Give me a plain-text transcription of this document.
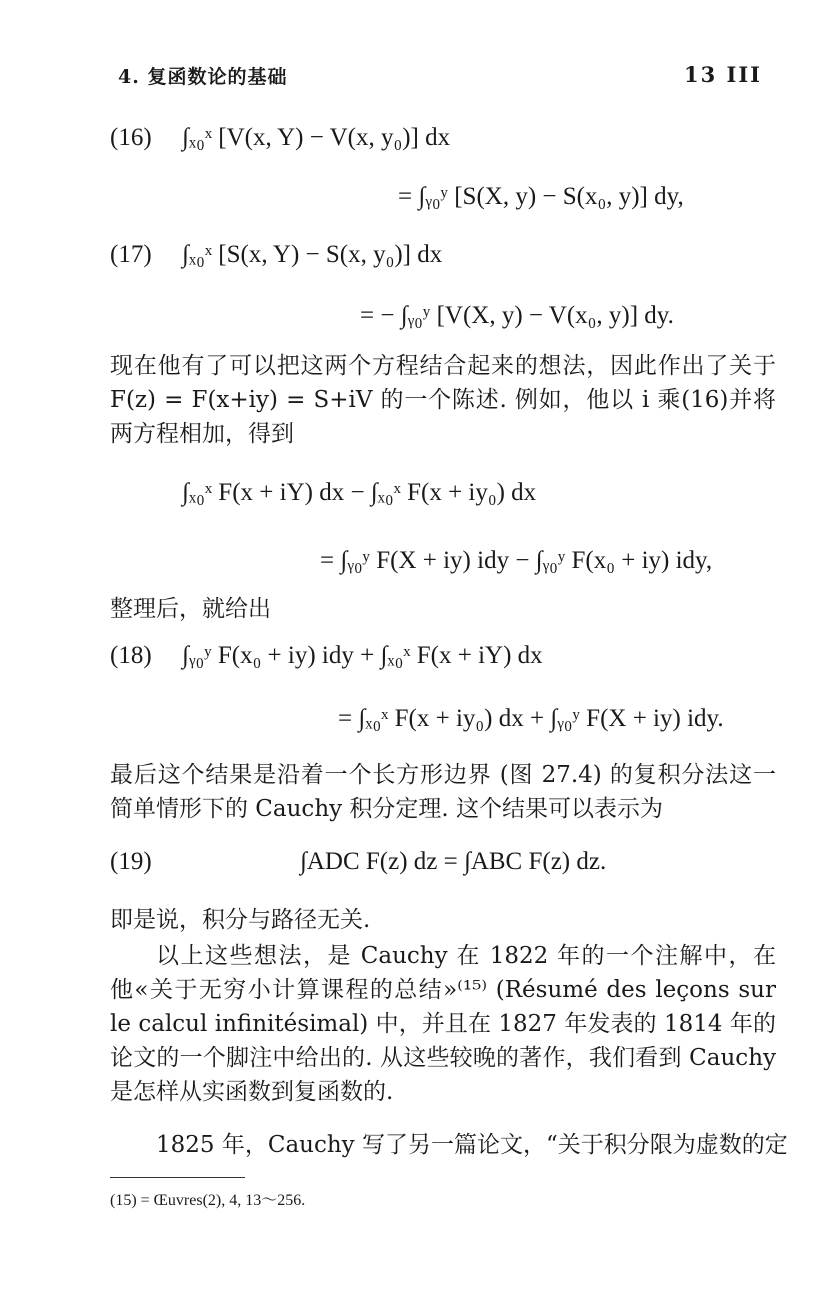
4. 复函数论的基础	13 III
(16) ∫ₓ₀ˣ [V(x, Y) − V(x, y₀)] dx
= ∫ᵧ₀ʸ [S(X, y) − S(x₀, y)] dy,
(17) ∫ₓ₀ˣ [S(x, Y) − S(x, y₀)] dx
= − ∫ᵧ₀ʸ [V(X, y) − V(x₀, y)] dy.
现在他有了可以把这两个方程结合起来的想法，因此作出了关于 F(z) = F(x+iy) = S+iV 的一个陈述. 例如，他以 i 乘(16)并将两方程相加，得到
∫ₓ₀ˣ F(x + iY) dx − ∫ₓ₀ˣ F(x + iy₀) dx
= ∫ᵧ₀ʸ F(X + iy) idy − ∫ᵧ₀ʸ F(x₀ + iy) idy,
整理后，就给出
(18) ∫ᵧ₀ʸ F(x₀ + iy) idy + ∫ₓ₀ˣ F(x + iY) dx
= ∫ₓ₀ˣ F(x + iy₀) dx + ∫ᵧ₀ʸ F(X + iy) idy.
最后这个结果是沿着一个长方形边界 (图 27.4) 的复积分法这一简单情形下的 Cauchy 积分定理. 这个结果可以表示为
(19)	∫ADC F(z) dz = ∫ABC F(z) dz.
即是说，积分与路径无关.
以上这些想法，是 Cauchy 在 1822 年的一个注解中，在他«关于无穷小计算课程的总结»⁽¹⁵⁾ (Résumé des leçons sur le calcul infinitésimal) 中，并且在 1827 年发表的 1814 年的论文的一个脚注中给出的. 从这些较晚的著作，我们看到 Cauchy 是怎样从实函数到复函数的.
1825 年，Cauchy 写了另一篇论文，“关于积分限为虚数的定
(15) = Œuvres(2), 4, 13～256.
